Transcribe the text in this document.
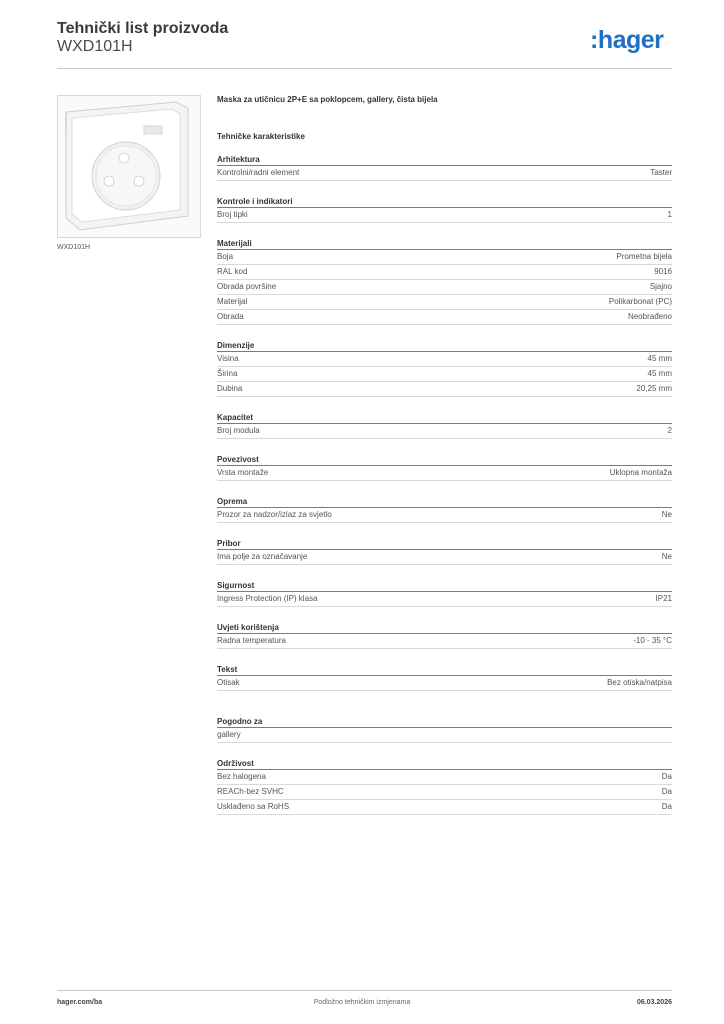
Tehnički list proizvoda
WXD101H	:hager
WXD101H
Maska za utičnicu 2P+E sa poklopcem, gallery, čista bijela
Tehničke karakteristike
Arhitektura
Kontrolni/radni element	Taster
Kontrole i indikatori
Broj tipki	1
Materijali
Boja	Prometna bijela
RAL kod	9016
Obrada površine	Sjajno
Materijal	Polikarbonat (PC)
Obrada	Neobrađeno
Dimenzije
Visina	45 mm
Širina	45 mm
Dubina	20,25 mm
Kapacitet
Broj modula	2
Povezivost
Vrsta montaže	Uklopna montaža
Oprema
Prozor za nadzor/izlaz za svjetlo	Ne
Pribor
Ima polje za označavanje	Ne
Sigurnost
Ingress Protection (IP) klasa	IP21
Uvjeti korištenja
Radna temperatura	-10 - 35 °C
Tekst
Otisak	Bez otiska/natpisa
Pogodno za
gallery
Održivost
Bez halogena	Da
REACh-bez SVHC	Da
Usklađeno sa RoHS	Da
hager.com/ba	Podložno tehničkim izmjenama	06.03.2026
